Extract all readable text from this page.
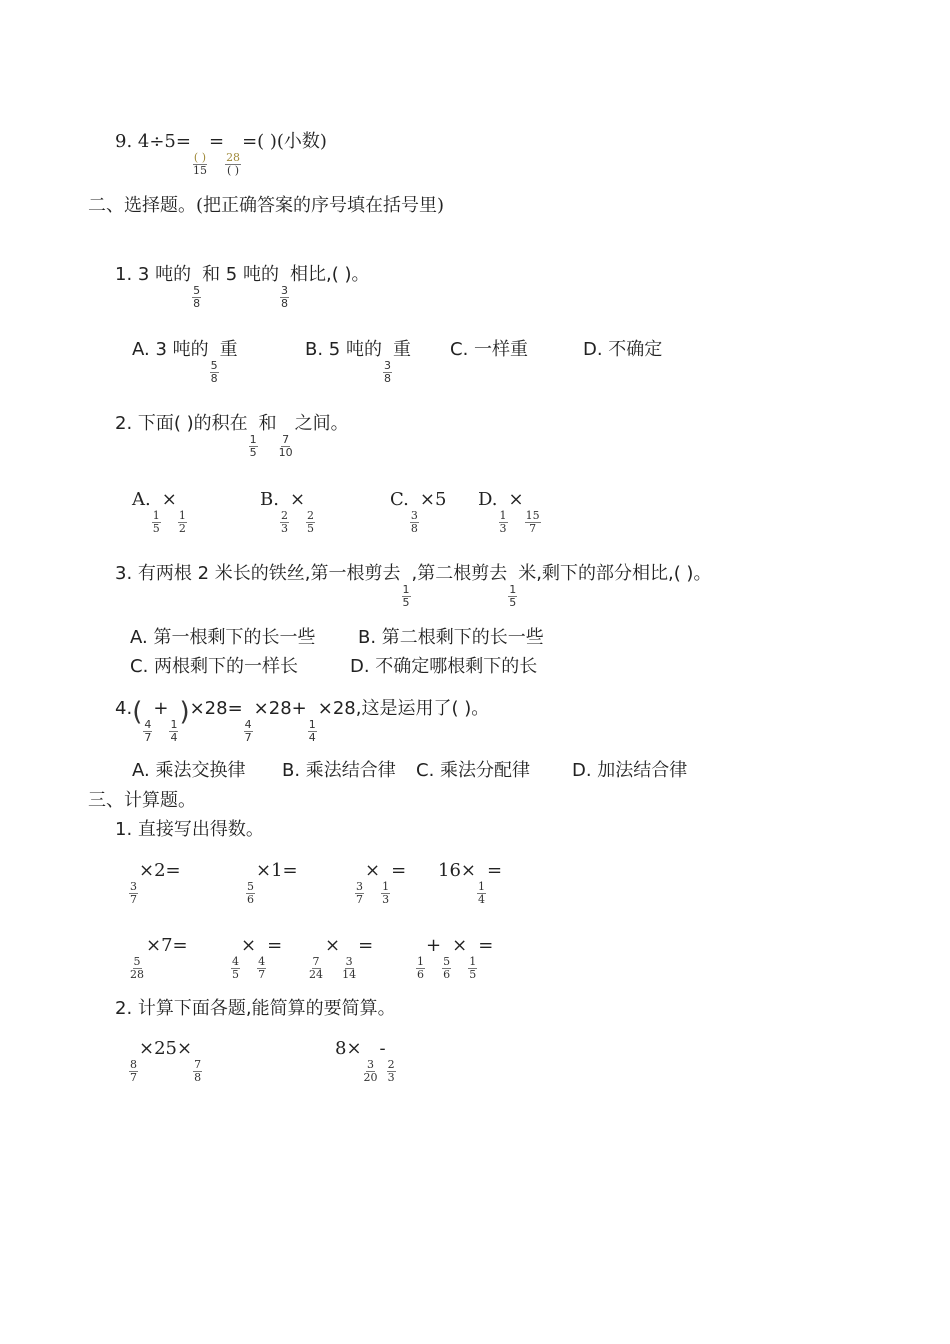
9. 4÷5=
$\frac{( )}{15}$
=
$\frac{28}{( )}$
=( )(小数)
二、选择题。(把正确答案的序号填在括号里)
1. 3 吨的
$\frac{5}{8}$
和 5 吨的
$\frac{3}{8}$
相比,( )。
A. 3 吨的
$\frac{5}{8}$
重	B. 5 吨的
$\frac{3}{8}$
重 C. 一样重	D. 不确定
2. 下面( )的积在
$\frac{1}{5}$
和
$\frac{7}{10}$
之间。
A.
$\frac{1}{5}$
×
$\frac{1}{2}$
B.
$\frac{2}{3}$
×
$\frac{2}{5}$
C.
$\frac{3}{8}$
×5 D.
$\frac{1}{3}$
×
$\frac{15}{7}$
3. 有两根 2 米长的铁丝,第一根剪去
$\frac{1}{5}$
,第二根剪去
$\frac{1}{5}$
米,剩下的部分相比,( )。
A. 第一根剩下的长一些 B. 第二根剩下的长一些
C. 两根剩下的一样长	D. 不确定哪根剩下的长
4.(
$\frac{4}{7}$
+
$\frac{1}{4}$
)×28=
$\frac{4}{7}$
×28+
$\frac{1}{4}$
×28,这是运用了( )。
A. 乘法交换律 B. 乘法结合律 C. 乘法分配律 D. 加法结合律
三、计算题。
1. 直接写出得数。
$\frac{3}{7}$
×2=
$\frac{5}{6}$
×1=
$\frac{3}{7}$
×
$\frac{1}{3}$
= 16×
$\frac{1}{4}$
=
$\frac{5}{28}$
×7=
$\frac{4}{5}$
×
$\frac{4}{7}$
=
$\frac{7}{24}$
×
$\frac{3}{14}$
=
$\frac{1}{6}$
+
$\frac{5}{6}$
×
$\frac{1}{5}$
=
2. 计算下面各题,能简算的要简算。
$\frac{8}{7}$
×25×
$\frac{7}{8}$
8×
$\frac{3}{20}$
-
$\frac{2}{3}$
